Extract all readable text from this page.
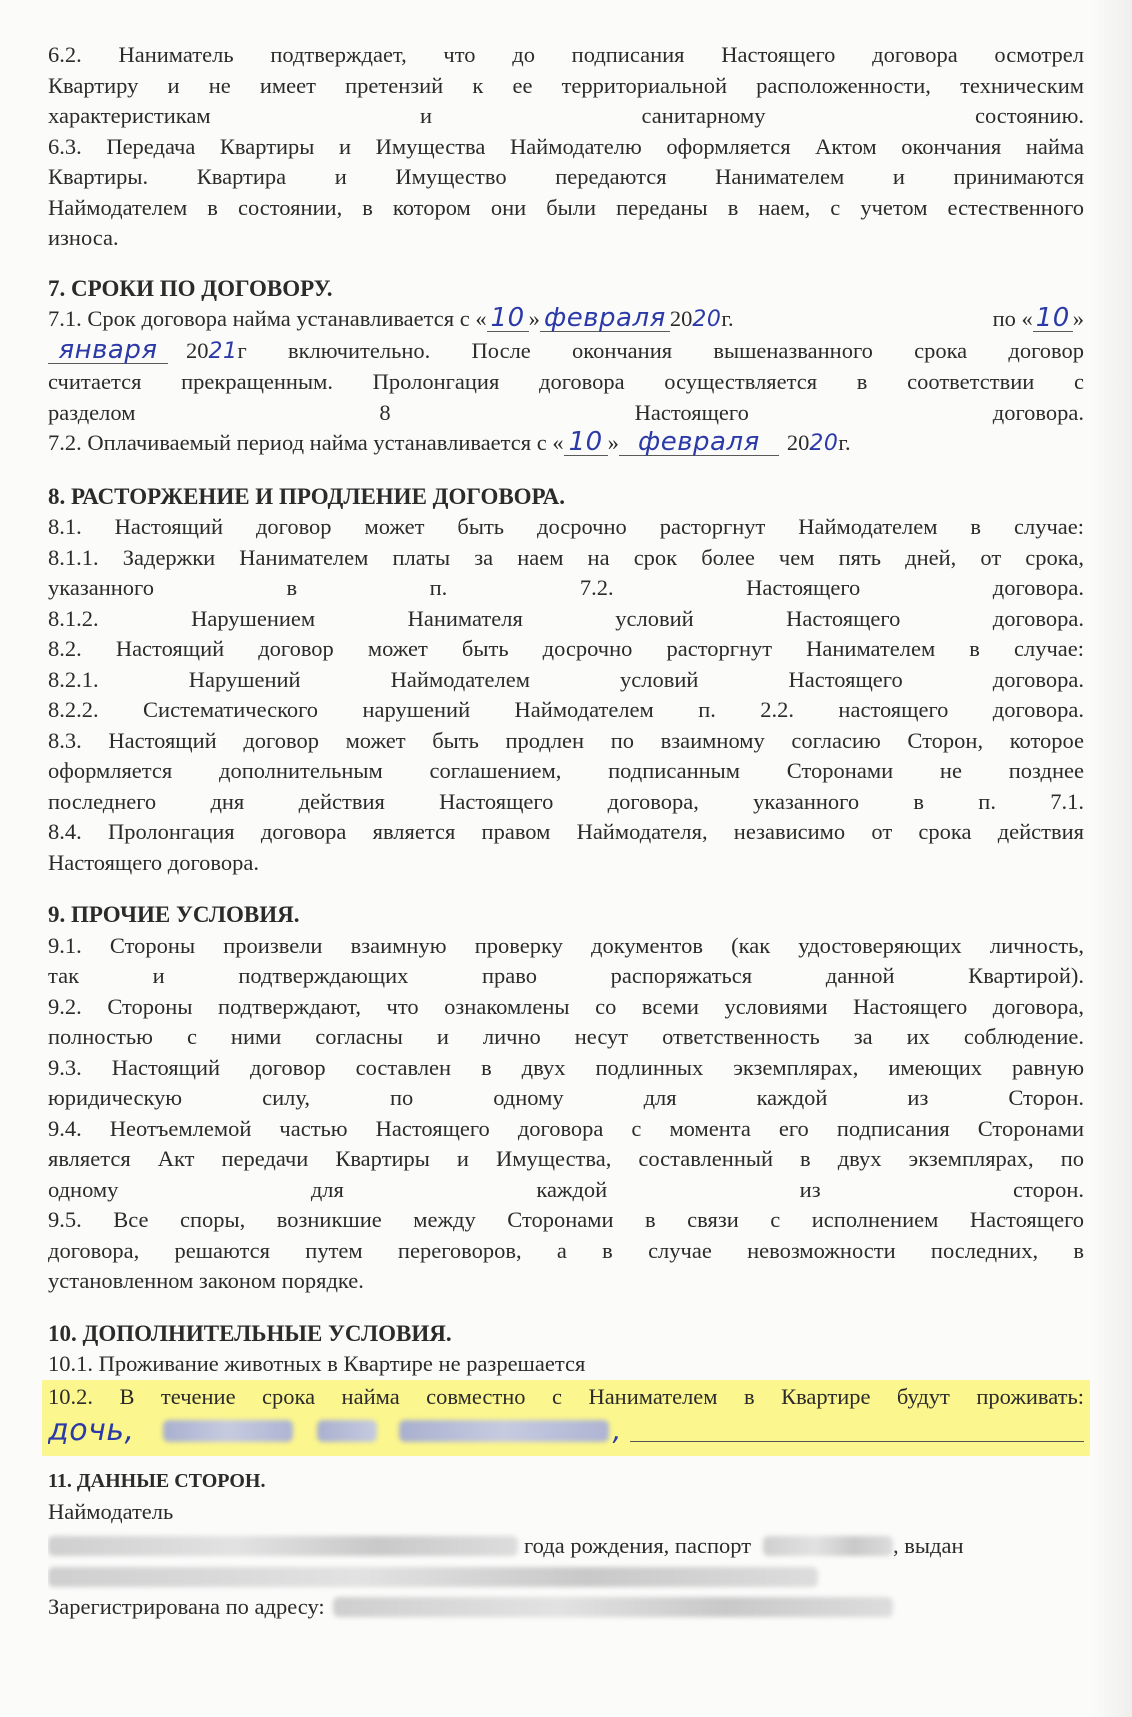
6.2. Наниматель подтверждает, что до подписания Настоящего договора осмотрел
Квартиру и не имеет претензий к ее территориальной расположенности, техническим
характеристикам и санитарному состоянию.
6.3. Передача Квартиры и Имущества Наймодателю оформляется Актом окончания найма
Квартиры. Квартира и Имущество передаются Нанимателем и принимаются
Наймодателем в состоянии, в котором они были переданы в наем, с учетом естественного
износа.
7. СРОКИ ПО ДОГОВОРУ.
7.1. Срок договора найма устанавливается с « 10 » февраля 20 20 г.	по « 10 »
января	20 21 г включительно. После окончания вышеназванного срока договор
считается прекращенным. Пролонгация договора осуществляется в соответствии с
разделом 8 Настоящего договора.
7.2. Оплачиваемый период найма устанавливается с « 10 » февраля	20 20 г.
8. РАСТОРЖЕНИЕ И ПРОДЛЕНИЕ ДОГОВОРА.
8.1. Настоящий договор может быть досрочно расторгнут Наймодателем в случае:
8.1.1. Задержки Нанимателем платы за наем на срок более чем пять дней, от срока,
указанного в п. 7.2. Настоящего договора.
8.1.2. Нарушением Нанимателя условий Настоящего договора.
8.2. Настоящий договор может быть досрочно расторгнут Нанимателем в случае:
8.2.1. Нарушений Наймодателем условий Настоящего договора.
8.2.2. Систематического нарушений Наймодателем п. 2.2. настоящего договора.
8.3. Настоящий договор может быть продлен по взаимному согласию Сторон, которое
оформляется дополнительным соглашением, подписанным Сторонами не позднее
последнего дня действия Настоящего договора, указанного в п. 7.1.
8.4. Пролонгация договора является правом Наймодателя, независимо от срока действия
Настоящего договора.
9. ПРОЧИЕ УСЛОВИЯ.
9.1. Стороны произвели взаимную проверку документов (как удостоверяющих личность,
так и подтверждающих право распоряжаться данной Квартирой).
9.2. Стороны подтверждают, что ознакомлены со всеми условиями Настоящего договора,
полностью с ними согласны и лично несут ответственность за их соблюдение.
9.3. Настоящий договор составлен в двух подлинных экземплярах, имеющих равную
юридическую силу, по одному для каждой из Сторон.
9.4. Неотъемлемой частью Настоящего договора с момента его подписания Сторонами
является Акт передачи Квартиры и Имущества, составленный в двух экземплярах, по
одному для каждой из сторон.
9.5. Все споры, возникшие между Сторонами в связи с исполнением Настоящего
договора, решаются путем переговоров, а в случае невозможности последних, в
установленном законом порядке.
10. ДОПОЛНИТЕЛЬНЫЕ УСЛОВИЯ.
10.1. Проживание животных в Квартире не разрешается
10.2. В течение срока найма совместно с Нанимателем в Квартире будут проживать:
дочь,	,
11. ДАННЫЕ СТОРОН.
Наймодатель
года рождения, паспорт	, выдан
Зарегистрирована по адресу:
